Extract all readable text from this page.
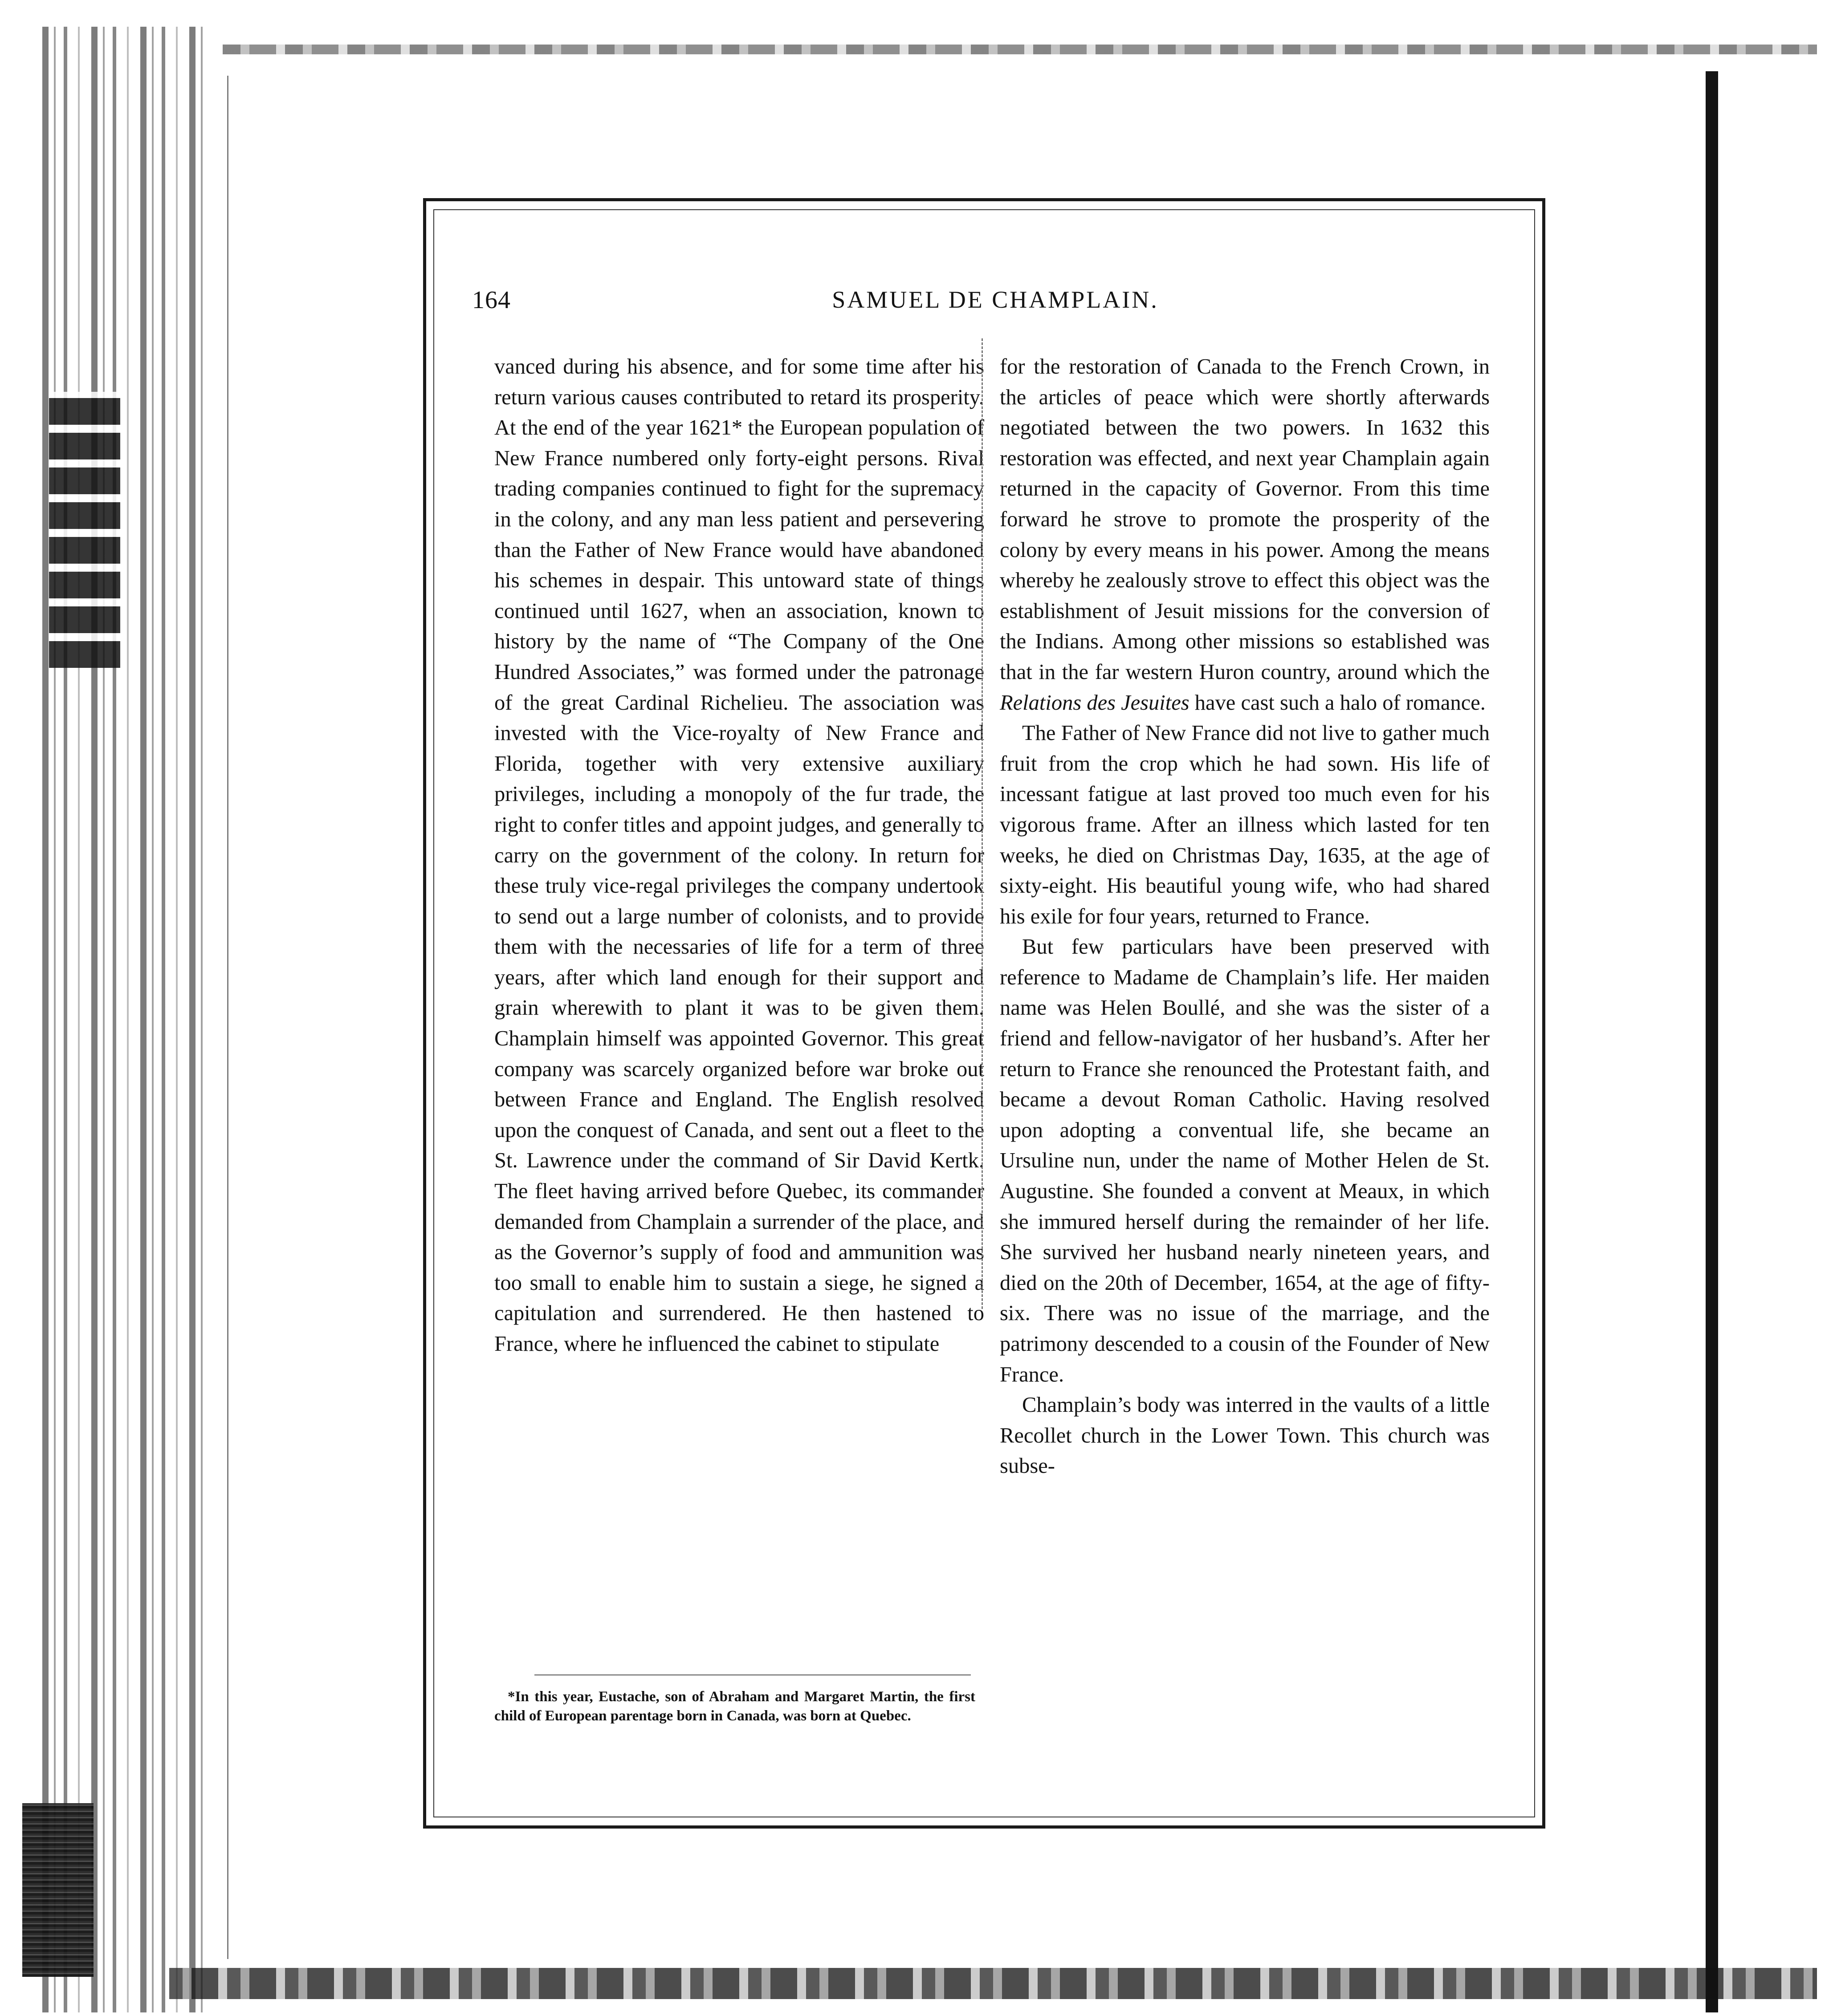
164	SAMUEL DE CHAMPLAIN.

vanced during his absence, and for some time after his return various causes contributed to retard its prosperity. At the end of the year 1621* the European population of New France numbered only forty-eight persons. Rival trading companies continued to fight for the supremacy in the colony, and any man less patient and persevering than the Father of New France would have abandoned his schemes in despair. This untoward state of things continued until 1627, when an association, known to history by the name of “The Company of the One Hundred Associates,” was formed under the patronage of the great Cardinal Richelieu. The association was invested with the Vice-royalty of New France and Florida, together with very extensive auxiliary privileges, including a monopoly of the fur trade, the right to confer titles and appoint judges, and generally to carry on the government of the colony. In return for these truly vice-regal privileges the company undertook to send out a large number of colonists, and to provide them with the necessaries of life for a term of three years, after which land enough for their support and grain wherewith to plant it was to be given them. Champlain himself was appointed Governor. This great company was scarcely organized before war broke out between France and England. The English resolved upon the conquest of Canada, and sent out a fleet to the St. Lawrence under the command of Sir David Kertk. The fleet having arrived before Quebec, its commander demanded from Champlain a surrender of the place, and as the Governor’s supply of food and ammunition was too small to enable him to sustain a siege, he signed a capitulation and surrendered. He then hastened to France, where he influenced the cabinet to stipulate

for the restoration of Canada to the French Crown, in the articles of peace which were shortly afterwards negotiated between the two powers. In 1632 this restoration was effected, and next year Champlain again returned in the capacity of Governor. From this time forward he strove to promote the prosperity of the colony by every means in his power. Among the means whereby he zealously strove to effect this object was the establishment of Jesuit missions for the conversion of the Indians. Among other missions so established was that in the far western Huron country, around which the Relations des Jesuites have cast such a halo of romance.

The Father of New France did not live to gather much fruit from the crop which he had sown. His life of incessant fatigue at last proved too much even for his vigorous frame. After an illness which lasted for ten weeks, he died on Christmas Day, 1635, at the age of sixty-eight. His beautiful young wife, who had shared his exile for four years, returned to France.

But few particulars have been preserved with reference to Madame de Champlain’s life. Her maiden name was Helen Boullé, and she was the sister of a friend and fellow-navigator of her husband’s. After her return to France she renounced the Protestant faith, and became a devout Roman Catholic. Having resolved upon adopting a conventual life, she became an Ursuline nun, under the name of Mother Helen de St. Augustine. She founded a convent at Meaux, in which she immured herself during the remainder of her life. She survived her husband nearly nineteen years, and died on the 20th of December, 1654, at the age of fifty-six. There was no issue of the marriage, and the patrimony descended to a cousin of the Founder of New France.

Champlain’s body was interred in the vaults of a little Recollet church in the Lower Town. This church was subse-

*In this year, Eustache, son of Abraham and Margaret Martin, the first child of European parentage born in Canada, was born at Quebec.
